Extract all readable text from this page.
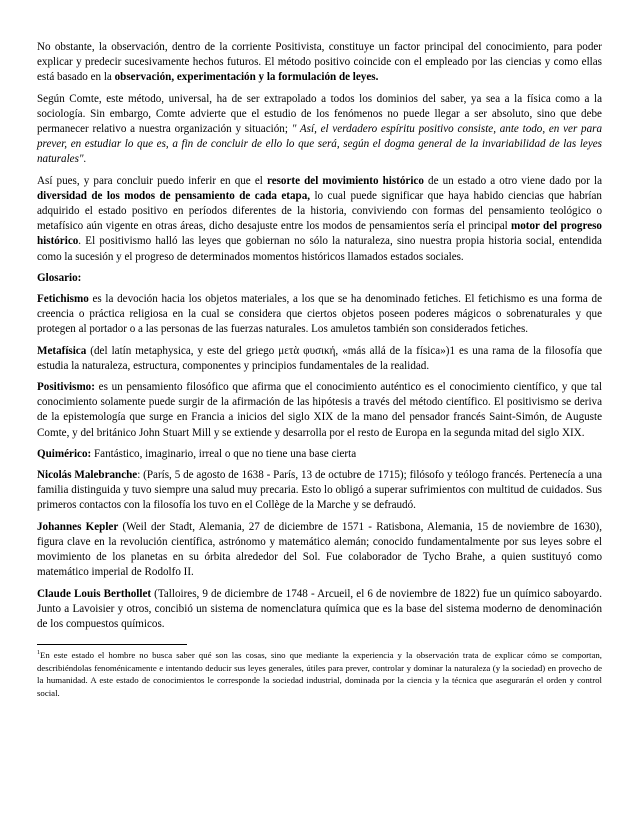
No obstante, la observación, dentro de la corriente Positivista, constituye un factor principal del conocimiento, para poder explicar y predecir sucesivamente hechos futuros. El método positivo coincide con el empleado por las ciencias y como ellas está basado en la observación, experimentación y la formulación de leyes.

Según Comte, este método, universal, ha de ser extrapolado a todos los dominios del saber, ya sea a la física como a la sociología. Sin embargo, Comte advierte que el estudio de los fenómenos no puede llegar a ser absoluto, sino que debe permanecer relativo a nuestra organización y situación; " Así, el verdadero espíritu positivo consiste, ante todo, en ver para prever, en estudiar lo que es, a fin de concluir de ello lo que será, según el dogma general de la invariabilidad de las leyes naturales".

Así pues, y para concluir puedo inferir en que el resorte del movimiento histórico de un estado a otro viene dado por la diversidad de los modos de pensamiento de cada etapa, lo cual puede significar que haya habido ciencias que habrían adquirido el estado positivo en períodos diferentes de la historia, conviviendo con formas del pensamiento teológico o metafísico aún vigente en otras áreas, dicho desajuste entre los modos de pensamientos sería el principal motor del progreso histórico. El positivismo halló las leyes que gobiernan no sólo la naturaleza, sino nuestra propia historia social, entendida como la sucesión y el progreso de determinados momentos históricos llamados estados sociales.

Glosario:

Fetichismo es la devoción hacia los objetos materiales, a los que se ha denominado fetiches. El fetichismo es una forma de creencia o práctica religiosa en la cual se considera que ciertos objetos poseen poderes mágicos o sobrenaturales y que protegen al portador o a las personas de las fuerzas naturales. Los amuletos también son considerados fetiches.

Metafísica (del latín metaphysica, y este del griego μετὰ φυσική, «más allá de la física»)1 es una rama de la filosofía que estudia la naturaleza, estructura, componentes y principios fundamentales de la realidad.

Positivismo: es un pensamiento filosófico que afirma que el conocimiento auténtico es el conocimiento científico, y que tal conocimiento solamente puede surgir de la afirmación de las hipótesis a través del método científico. El positivismo se deriva de la epistemología que surge en Francia a inicios del siglo XIX de la mano del pensador francés Saint-Simón, de Auguste Comte, y del británico John Stuart Mill y se extiende y desarrolla por el resto de Europa en la segunda mitad del siglo XIX.

Quimérico: Fantástico, imaginario, irreal o que no tiene una base cierta

Nicolás Malebranche: (París, 5 de agosto de 1638 - París, 13 de octubre de 1715); filósofo y teólogo francés. Pertenecía a una familia distinguida y tuvo siempre una salud muy precaria. Esto lo obligó a superar sufrimientos con multitud de cuidados. Sus primeros contactos con la filosofía los tuvo en el Collège de la Marche y se defraudó.

Johannes Kepler (Weil der Stadt, Alemania, 27 de diciembre de 1571 - Ratisbona, Alemania, 15 de noviembre de 1630), figura clave en la revolución científica, astrónomo y matemático alemán; conocido fundamentalmente por sus leyes sobre el movimiento de los planetas en su órbita alrededor del Sol. Fue colaborador de Tycho Brahe, a quien sustituyó como matemático imperial de Rodolfo II.

Claude Louis Berthollet (Talloires, 9 de diciembre de 1748 - Arcueil, el 6 de noviembre de 1822) fue un químico saboyardo. Junto a Lavoisier y otros, concibió un sistema de nomenclatura química que es la base del sistema moderno de denominación de los compuestos químicos.

$^1$En este estado el hombre no busca saber qué son las cosas, sino que mediante la experiencia y la observación trata de explicar cómo se comportan, describiéndolas fenoménicamente e intentando deducir sus leyes generales, útiles para prever, controlar y dominar la naturaleza (y la sociedad) en provecho de la humanidad. A este estado de conocimientos le corresponde la sociedad industrial, dominada por la ciencia y la técnica que asegurarán el orden y control social.
